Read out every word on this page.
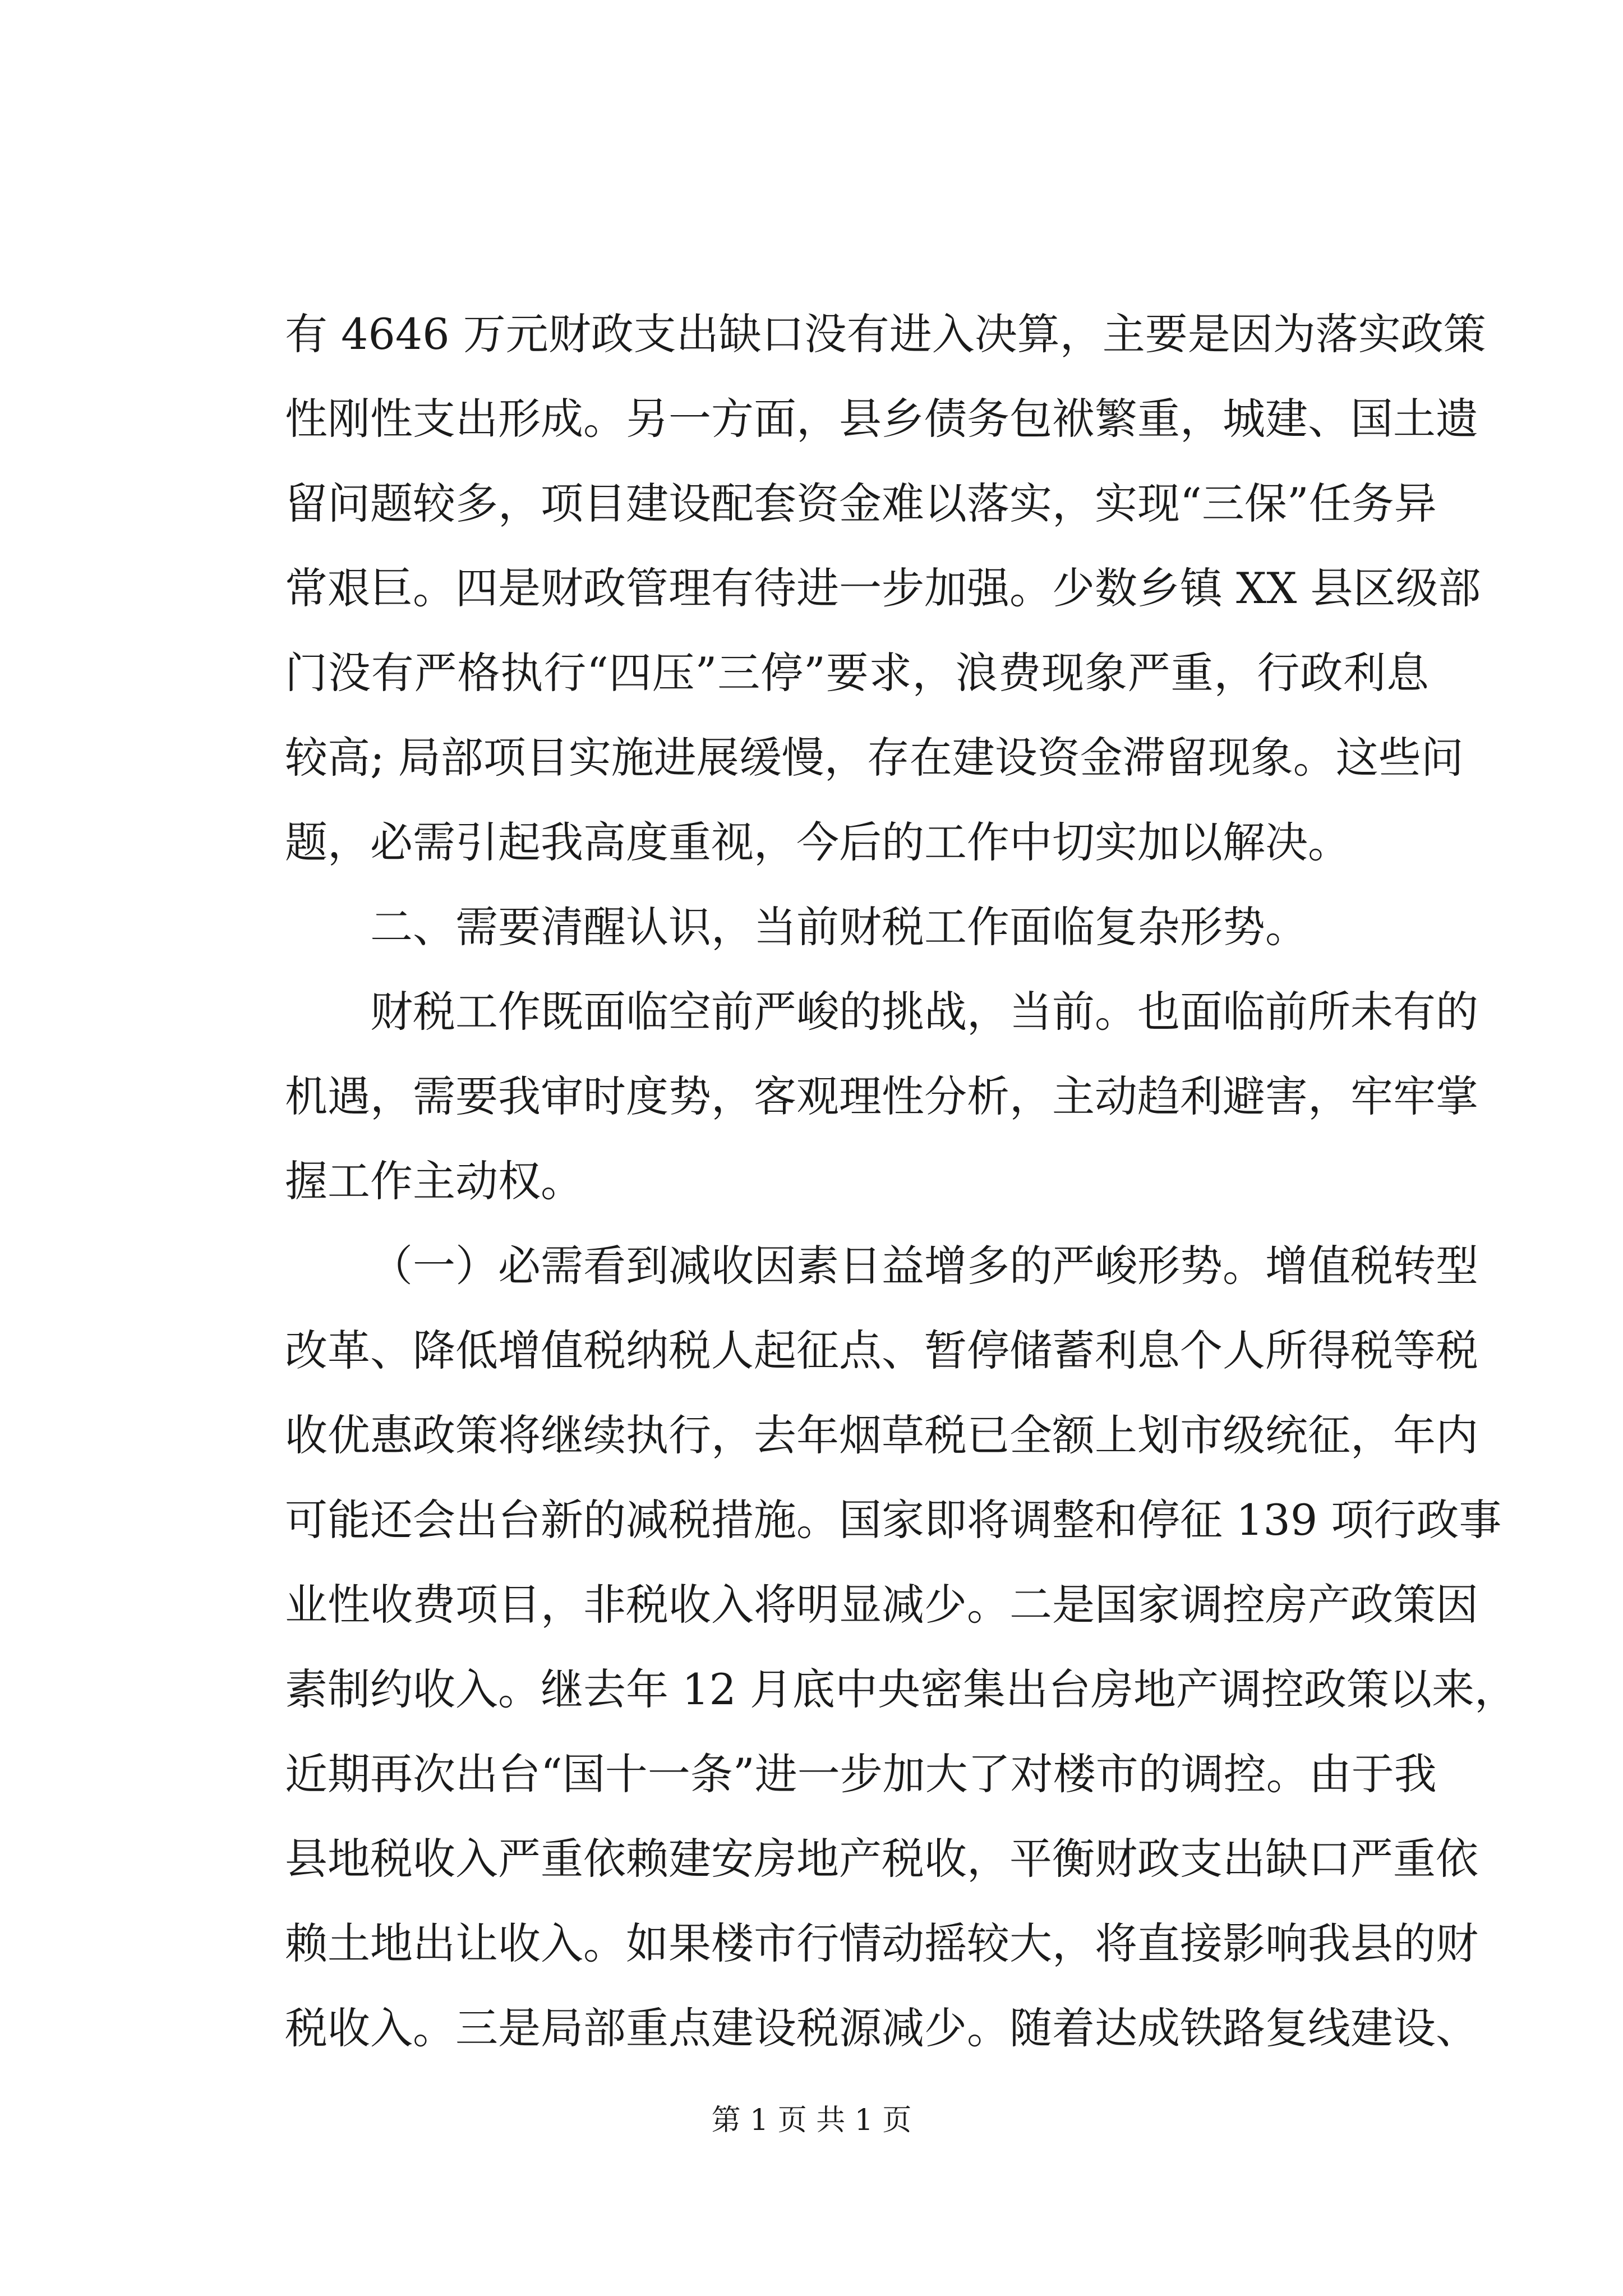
有 4646 万元财政支出缺口没有进入决算，主要是因为落实政策
性刚性支出形成。另一方面，县乡债务包袱繁重，城建、国土遗
留问题较多，项目建设配套资金难以落实，实现“三保”任务异
常艰巨。四是财政管理有待进一步加强。少数乡镇 XX 县区级部
门没有严格执行“四压”三停”要求，浪费现象严重，行政利息
较高; 局部项目实施进展缓慢，存在建设资金滞留现象。这些问
题，必需引起我高度重视，今后的工作中切实加以解决。
二、需要清醒认识，当前财税工作面临复杂形势。
财税工作既面临空前严峻的挑战，当前。也面临前所未有的
机遇，需要我审时度势，客观理性分析，主动趋利避害，牢牢掌
握工作主动权。
（一）必需看到减收因素日益增多的严峻形势。增值税转型
改革、降低增值税纳税人起征点、暂停储蓄利息个人所得税等税
收优惠政策将继续执行，去年烟草税已全额上划市级统征，年内
可能还会出台新的减税措施。国家即将调整和停征 139 项行政事
业性收费项目，非税收入将明显减少。二是国家调控房产政策因
素制约收入。继去年 12 月底中央密集出台房地产调控政策以来，
近期再次出台“国十一条”进一步加大了对楼市的调控。由于我
县地税收入严重依赖建安房地产税收，平衡财政支出缺口严重依
赖土地出让收入。如果楼市行情动摇较大，将直接影响我县的财
税收入。三是局部重点建设税源减少。随着达成铁路复线建设、
第 1 页 共 1 页
